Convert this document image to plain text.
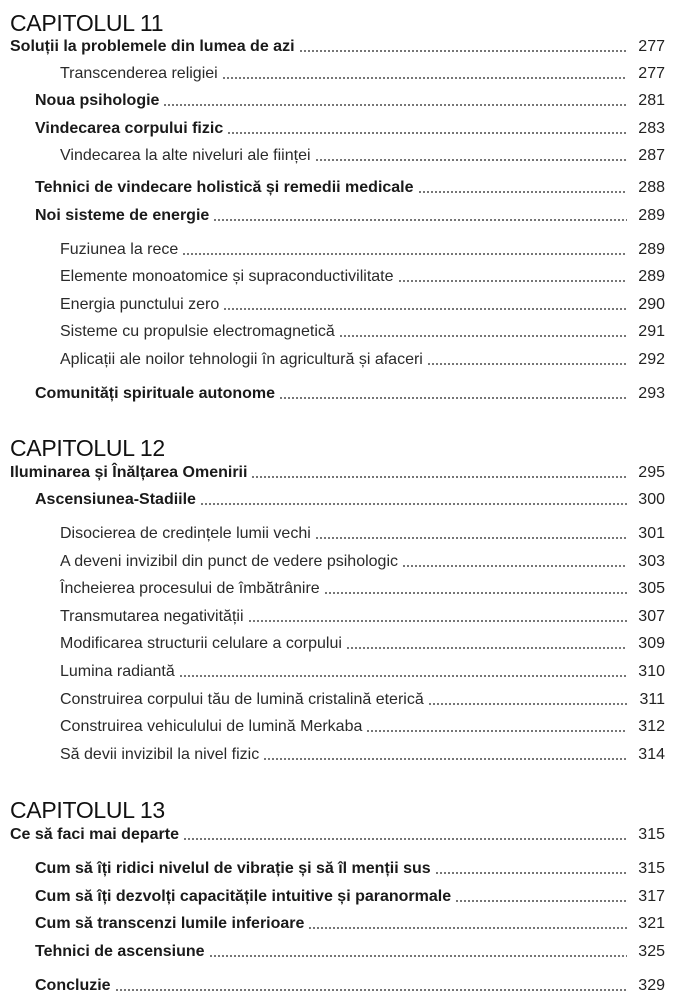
CAPITOLUL 11
Soluții la problemele din lumea de azi	277
Transcenderea religiei	277
Noua psihologie	281
Vindecarea corpului fizic	283
Vindecarea la alte niveluri ale ființei	287
Tehnici de vindecare holistică și remedii medicale	288
Noi sisteme de energie	289
Fuziunea la rece	289
Elemente monoatomice și supraconductivilitate	289
Energia punctului zero	290
Sisteme cu propulsie electromagnetică	291
Aplicații ale noilor tehnologii în agricultură și afaceri	292
Comunități spirituale autonome	293
CAPITOLUL 12
Iluminarea și Înălțarea Omenirii	295
Ascensiunea-Stadiile	300
Disocierea de credințele lumii vechi	301
A deveni invizibil din punct de vedere psihologic	303
Încheierea procesului de îmbătrânire	305
Transmutarea negativității	307
Modificarea structurii celulare a corpului	309
Lumina radiantă	310
Construirea corpului tău de lumină cristalină eterică	311
Construirea vehiculului de lumină Merkaba	312
Să devii invizibil la nivel fizic	314
CAPITOLUL 13
Ce să faci mai departe	315
Cum să îți ridici nivelul de vibrație și să îl menții sus	315
Cum să îți dezvolți capacitățile intuitive și paranormale	317
Cum să transcenzi lumile inferioare	321
Tehnici de ascensiune	325
Concluzie	329
